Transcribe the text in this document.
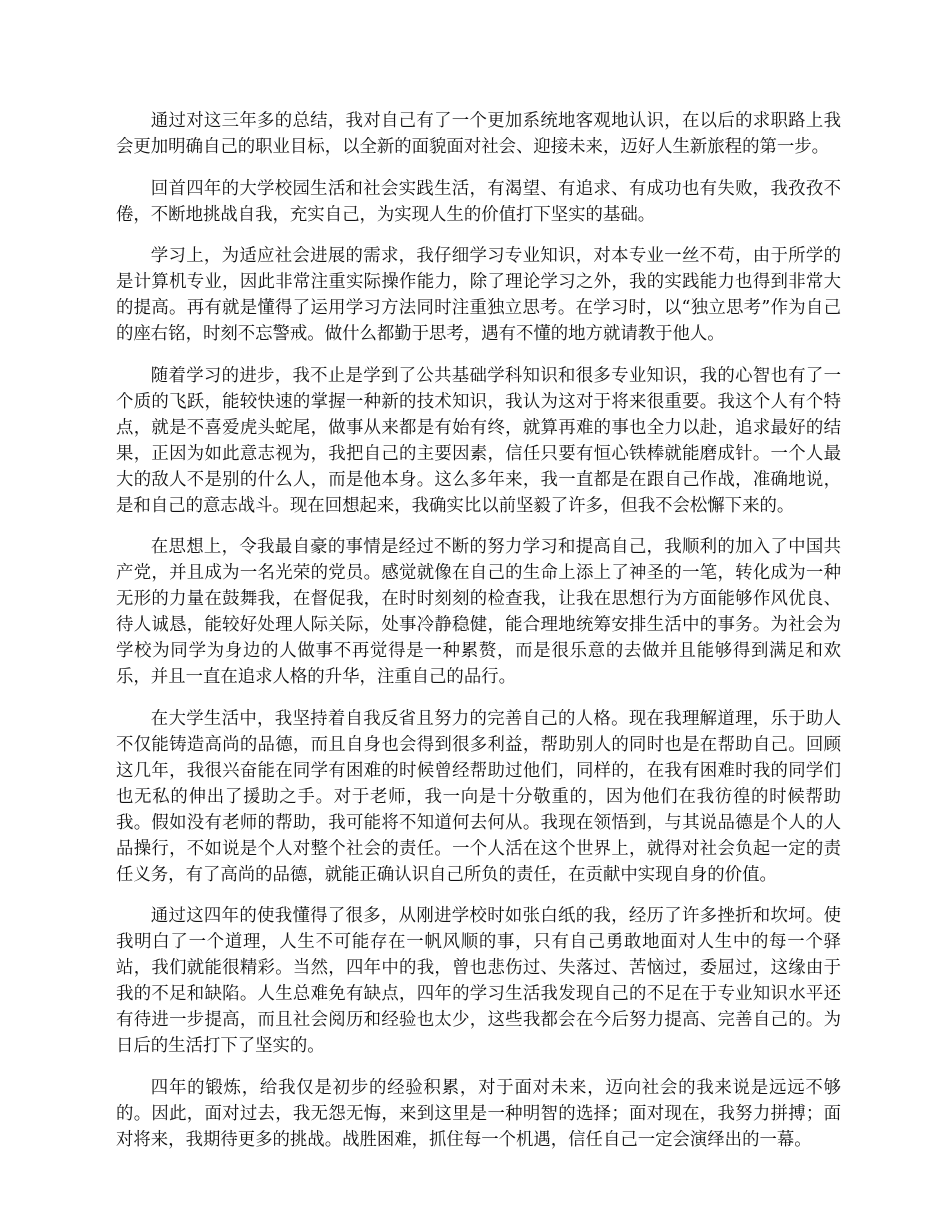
通过对这三年多的总结，我对自己有了一个更加系统地客观地认识，在以后的求职路上我会更加明确自己的职业目标，以全新的面貌面对社会、迎接未来，迈好人生新旅程的第一步。

回首四年的大学校园生活和社会实践生活，有渴望、有追求、有成功也有失败，我孜孜不倦，不断地挑战自我，充实自己，为实现人生的价值打下坚实的基础。

学习上，为适应社会进展的需求，我仔细学习专业知识，对本专业一丝不苟，由于所学的是计算机专业，因此非常注重实际操作能力，除了理论学习之外，我的实践能力也得到非常大的提高。再有就是懂得了运用学习方法同时注重独立思考。在学习时，以“独立思考”作为自己的座右铭，时刻不忘警戒。做什么都勤于思考，遇有不懂的地方就请教于他人。

随着学习的进步，我不止是学到了公共基础学科知识和很多专业知识，我的心智也有了一个质的飞跃，能较快速的掌握一种新的技术知识，我认为这对于将来很重要。我这个人有个特点，就是不喜爱虎头蛇尾，做事从来都是有始有终，就算再难的事也全力以赴，追求最好的结果，正因为如此意志视为，我把自己的主要因素，信任只要有恒心铁棒就能磨成针。一个人最大的敌人不是别的什么人，而是他本身。这么多年来，我一直都是在跟自己作战，准确地说，是和自己的意志战斗。现在回想起来，我确实比以前坚毅了许多，但我不会松懈下来的。

在思想上，令我最自豪的事情是经过不断的努力学习和提高自己，我顺利的加入了中国共产党，并且成为一名光荣的党员。感觉就像在自己的生命上添上了神圣的一笔，转化成为一种无形的力量在鼓舞我，在督促我，在时时刻刻的检查我，让我在思想行为方面能够作风优良、待人诚恳，能较好处理人际关际，处事冷静稳健，能合理地统筹安排生活中的事务。为社会为学校为同学为身边的人做事不再觉得是一种累赘，而是很乐意的去做并且能够得到满足和欢乐，并且一直在追求人格的升华，注重自己的品行。

在大学生活中，我坚持着自我反省且努力的完善自己的人格。现在我理解道理，乐于助人不仅能铸造高尚的品德，而且自身也会得到很多利益，帮助别人的同时也是在帮助自己。回顾这几年，我很兴奋能在同学有困难的时候曾经帮助过他们，同样的，在我有困难时我的同学们也无私的伸出了援助之手。对于老师，我一向是十分敬重的，因为他们在我彷徨的时候帮助我。假如没有老师的帮助，我可能将不知道何去何从。我现在领悟到，与其说品德是个人的人品操行，不如说是个人对整个社会的责任。一个人活在这个世界上，就得对社会负起一定的责任义务，有了高尚的品德，就能正确认识自己所负的责任，在贡献中实现自身的价值。

通过这四年的使我懂得了很多，从刚进学校时如张白纸的我，经历了许多挫折和坎坷。使我明白了一个道理，人生不可能存在一帆风顺的事，只有自己勇敢地面对人生中的每一个驿站，我们就能很精彩。当然，四年中的我，曾也悲伤过、失落过、苦恼过，委屈过，这缘由于我的不足和缺陷。人生总难免有缺点，四年的学习生活我发现自己的不足在于专业知识水平还有待进一步提高，而且社会阅历和经验也太少，这些我都会在今后努力提高、完善自己的。为日后的生活打下了坚实的。

四年的锻炼，给我仅是初步的经验积累，对于面对未来，迈向社会的我来说是远远不够的。因此，面对过去，我无怨无悔，来到这里是一种明智的选择；面对现在，我努力拼搏；面对将来，我期待更多的挑战。战胜困难，抓住每一个机遇，信任自己一定会演绎出的一幕。
